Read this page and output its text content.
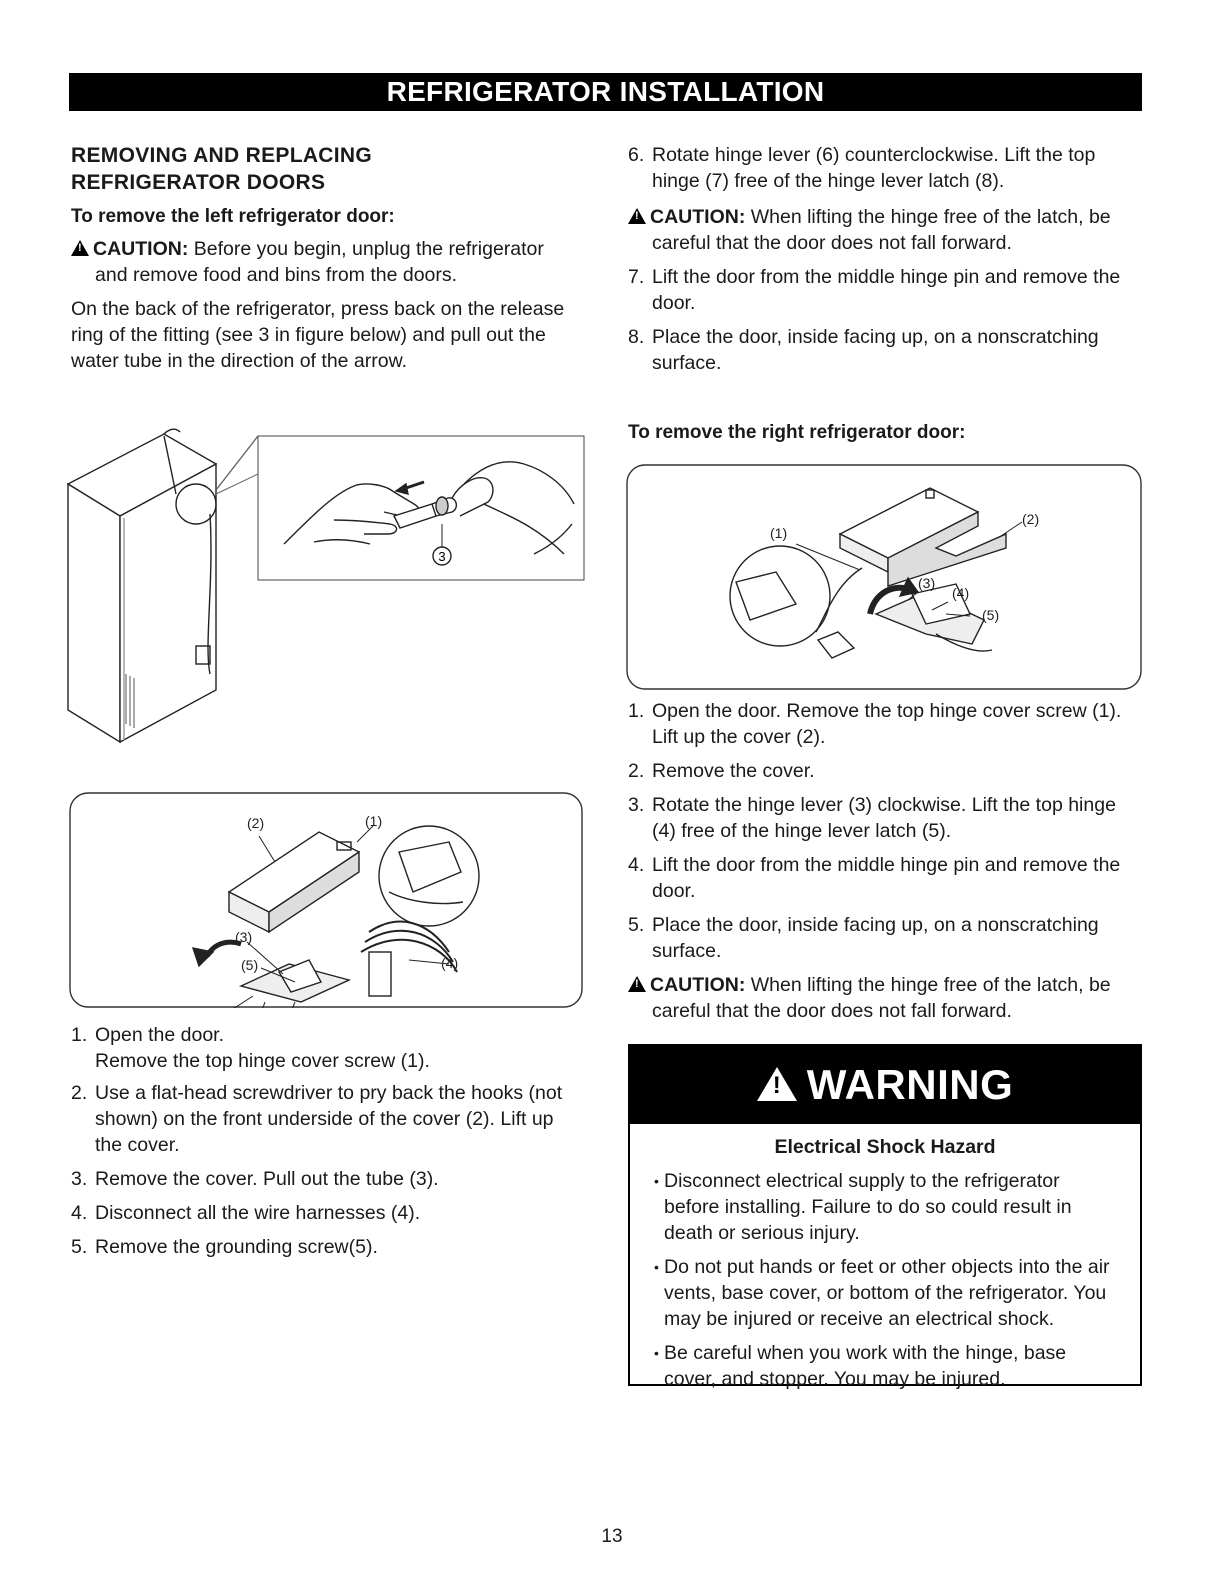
REFRIGERATOR INSTALLATION
REMOVING AND REPLACING
REFRIGERATOR DOORS
To remove the left refrigerator door:

!CAUTION: Before you begin, unplug the refrigerator and remove food and bins from the doors.

On the back of the refrigerator, press back on the release ring of the fitting (see 3 in figure below) and pull out the water tube in the direction of the arrow.

3
(2)	(1)
(3)
(5)	(4)
1. Open the door.
Remove the top hinge cover screw (1).
2. Use a flat-head screwdriver to pry back the hooks (not shown) on the front underside of the cover (2). Lift up the cover.
3. Remove the cover. Pull out the tube (3).
4. Disconnect all the wire harnesses (4).
5. Remove the grounding screw(5).
6. Rotate hinge lever (6) counterclockwise. Lift the top hinge (7) free of the hinge lever latch (8).

!CAUTION: When lifting the hinge free of the latch, be careful that the door does not fall forward.

7. Lift the door from the middle hinge pin and remove the door.
8. Place the door, inside facing up, on a nonscratching surface.
To remove the right refrigerator door:
(1)
(2)
(3)
(4)
(5)
1. Open the door. Remove the top hinge cover screw (1). Lift up the cover (2).
2. Remove the cover.
3. Rotate the hinge lever (3) clockwise. Lift the top hinge (4) free of the hinge lever latch (5).
4. Lift the door from the middle hinge pin and remove the door.
5. Place the door, inside facing up, on a nonscratching surface.

!CAUTION: When lifting the hinge free of the latch, be careful that the door does not fall forward.

!WARNING
Electrical Shock Hazard
• Disconnect electrical supply to the refrigerator before installing. Failure to do so could result in death or serious injury.
• Do not put hands or feet or other objects into the air vents, base cover, or bottom of the refrigerator. You may be injured or receive an electrical shock.
• Be careful when you work with the hinge, base cover, and stopper. You may be injured.
13
